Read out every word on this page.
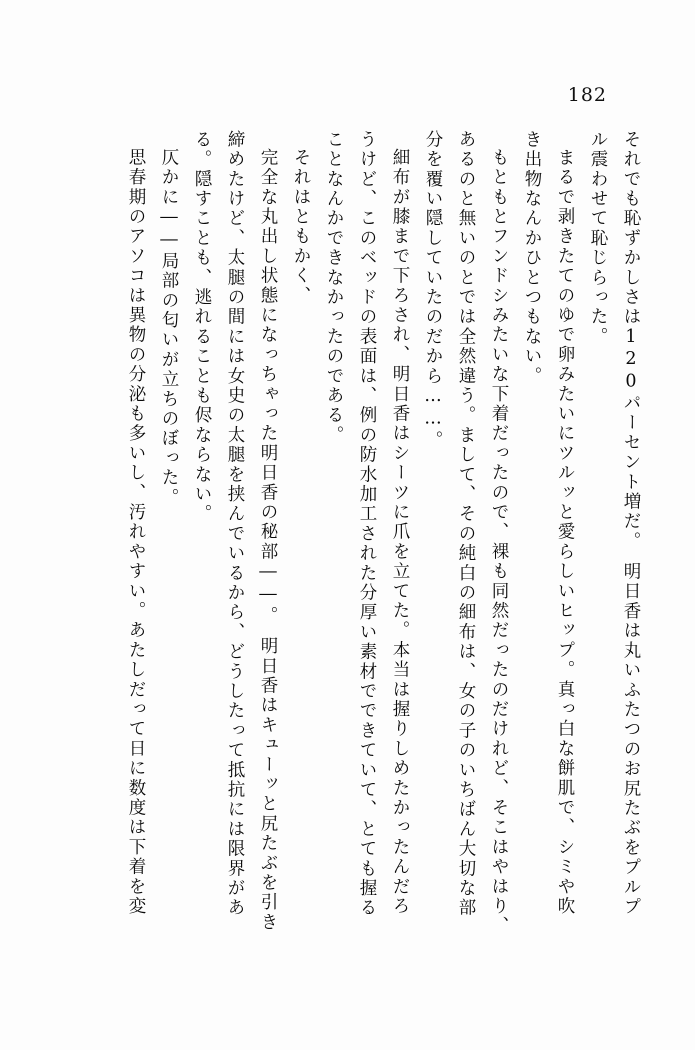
182
それでも恥ずかしさは120パーセント増だ。　明日香は丸いふたつのお尻たぶをプルプ
ル震わせて恥じらった。
まるで剥きたてのゆで卵みたいにツルッと愛らしいヒップ。真っ白な餅肌で、シミや吹
き出物なんかひとつもない。
もともとフンドシみたいな下着だったので、裸も同然だったのだけれど、そこはやはり、
あるのと無いのとでは全然違う。まして、その純白の細布は、女の子のいちばん大切な部
分を覆い隠していたのだから……。
細布が膝まで下ろされ、明日香はシーツに爪を立てた。本当は握りしめたかったんだろ
うけど、このベッドの表面は、例の防水加工された分厚い素材でできていて、とても握る
ことなんかできなかったのである。
それはともかく、
完全な丸出し状態になっちゃった明日香の秘部――。　明日香はキューッと尻たぶを引き
締めたけど、太腿の間には女史の太腿を挟んでいるから、どうしたって抵抗には限界があ
る。隠すことも、逃れることも侭ならない。
仄かに――局部の匂いが立ちのぼった。
思春期のアソコは異物の分泌も多いし、汚れやすい。あたしだって日に数度は下着を変
